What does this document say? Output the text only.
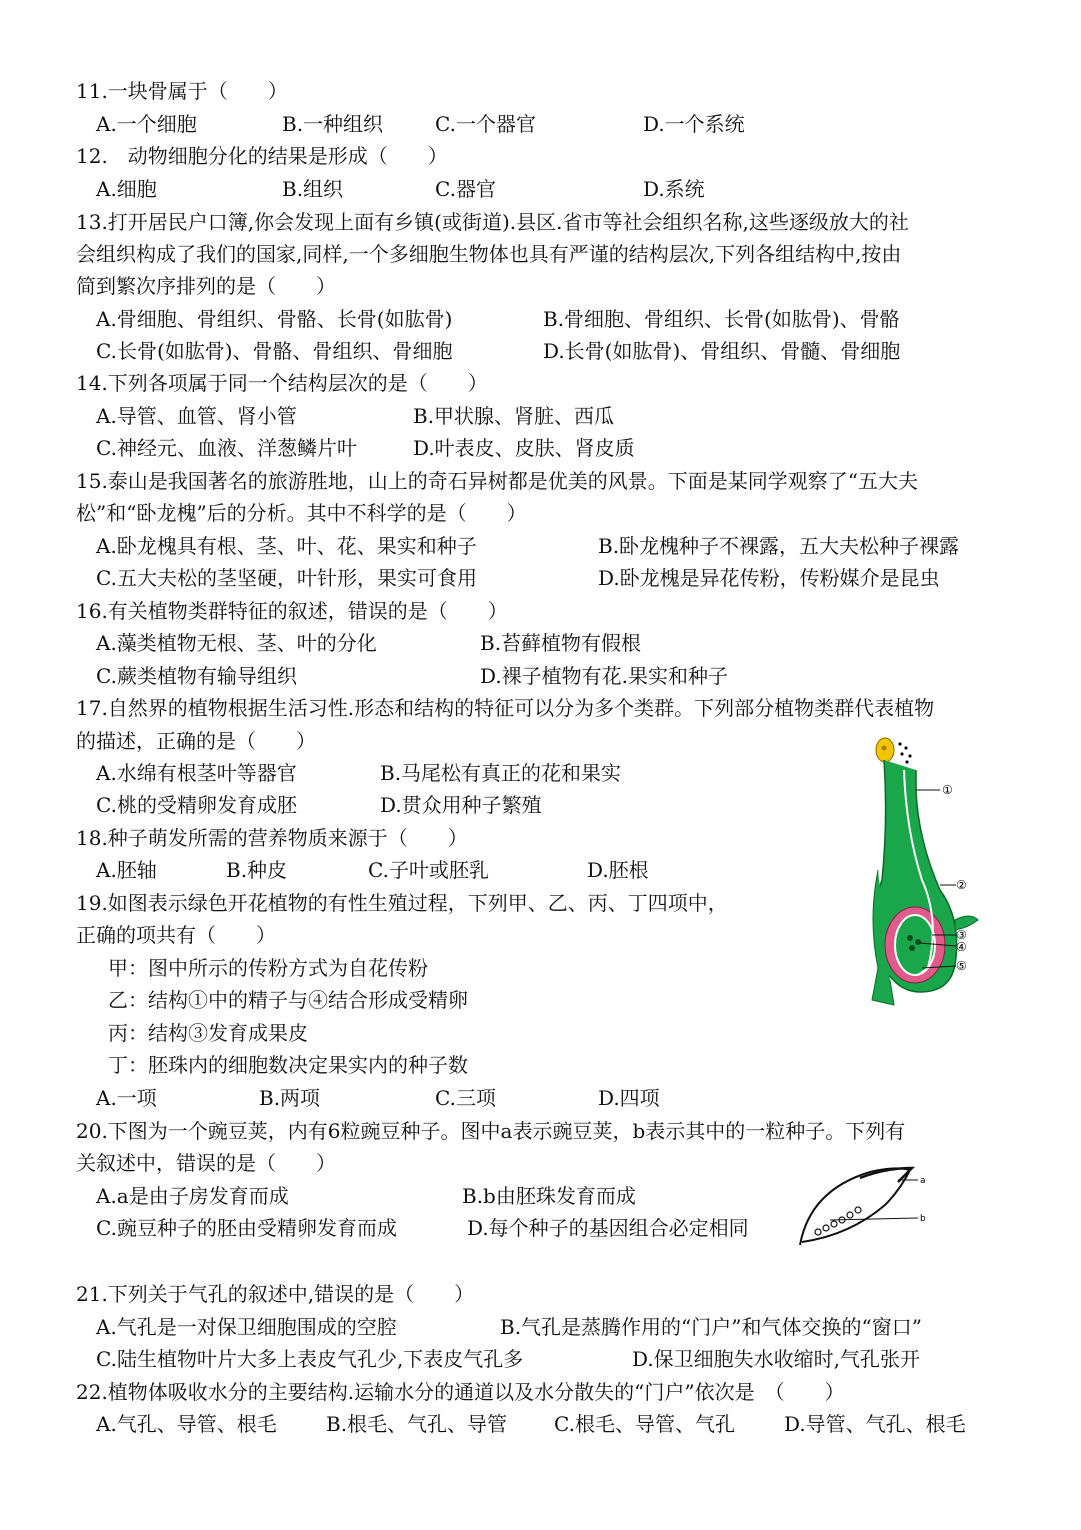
11.一块骨属于（　　）
A.一个细胞	B.一种组织	C.一个器官	D.一个系统
12.　动物细胞分化的结果是形成（　　）
A.细胞	B.组织	C.器官	D.系统
13.打开居民户口簿,你会发现上面有乡镇(或街道).县区.省市等社会组织名称,这些逐级放大的社
会组织构成了我们的国家,同样,一个多细胞生物体也具有严谨的结构层次,下列各组结构中,按由
简到繁次序排列的是（　　）
A.骨细胞、骨组织、骨骼、长骨(如肱骨)	B.骨细胞、骨组织、长骨(如肱骨)、骨骼
C.长骨(如肱骨)、骨骼、骨组织、骨细胞	D.长骨(如肱骨)、骨组织、骨髓、骨细胞
14.下列各项属于同一个结构层次的是（　　）
A.导管、血管、肾小管	B.甲状腺、肾脏、西瓜
C.神经元、血液、洋葱鳞片叶	D.叶表皮、皮肤、肾皮质
15.泰山是我国著名的旅游胜地，山上的奇石异树都是优美的风景。下面是某同学观察了“五大夫
松”和“卧龙槐”后的分析。其中不科学的是（　　）
A.卧龙槐具有根、茎、叶、花、果实和种子	B.卧龙槐种子不裸露，五大夫松种子裸露
C.五大夫松的茎坚硬，叶针形，果实可食用	D.卧龙槐是异花传粉，传粉媒介是昆虫
16.有关植物类群特征的叙述，错误的是（　　）
A.藻类植物无根、茎、叶的分化	B.苔藓植物有假根
C.蕨类植物有输导组织	D.裸子植物有花.果实和种子
17.自然界的植物根据生活习性.形态和结构的特征可以分为多个类群。下列部分植物类群代表植物
的描述，正确的是（　　）
A.水绵有根茎叶等器官	B.马尾松有真正的花和果实
C.桃的受精卵发育成胚	D.贯众用种子繁殖
18.种子萌发所需的营养物质来源于（　　）
A.胚轴	B.种皮	C.子叶或胚乳	D.胚根
19.如图表示绿色开花植物的有性生殖过程，下列甲、乙、丙、丁四项中，
正确的项共有（　　）
甲：图中所示的传粉方式为自花传粉
乙：结构①中的精子与④结合形成受精卵
丙：结构③发育成果皮
丁：胚珠内的细胞数决定果实内的种子数
A.一项	B.两项	C.三项	D.四项
①
②
③
④
⑤
20.下图为一个豌豆荚，内有6粒豌豆种子。图中a表示豌豆荚，b表示其中的一粒种子。下列有
关叙述中，错误的是（　　）
A.a是由子房发育而成	B.b由胚珠发育而成
C.豌豆种子的胚由受精卵发育而成	D.每个种子的基因组合必定相同
a
b
21.下列关于气孔的叙述中,错误的是（　　）
A.气孔是一对保卫细胞围成的空腔	B.气孔是蒸腾作用的“门户”和气体交换的“窗口”
C.陆生植物叶片大多上表皮气孔少,下表皮气孔多	D.保卫细胞失水收缩时,气孔张开
22.植物体吸收水分的主要结构.运输水分的通道以及水分散失的“门户”依次是　（　　）
A.气孔、导管、根毛 B.根毛、气孔、导管 C.根毛、导管、气孔 D.导管、气孔、根毛
